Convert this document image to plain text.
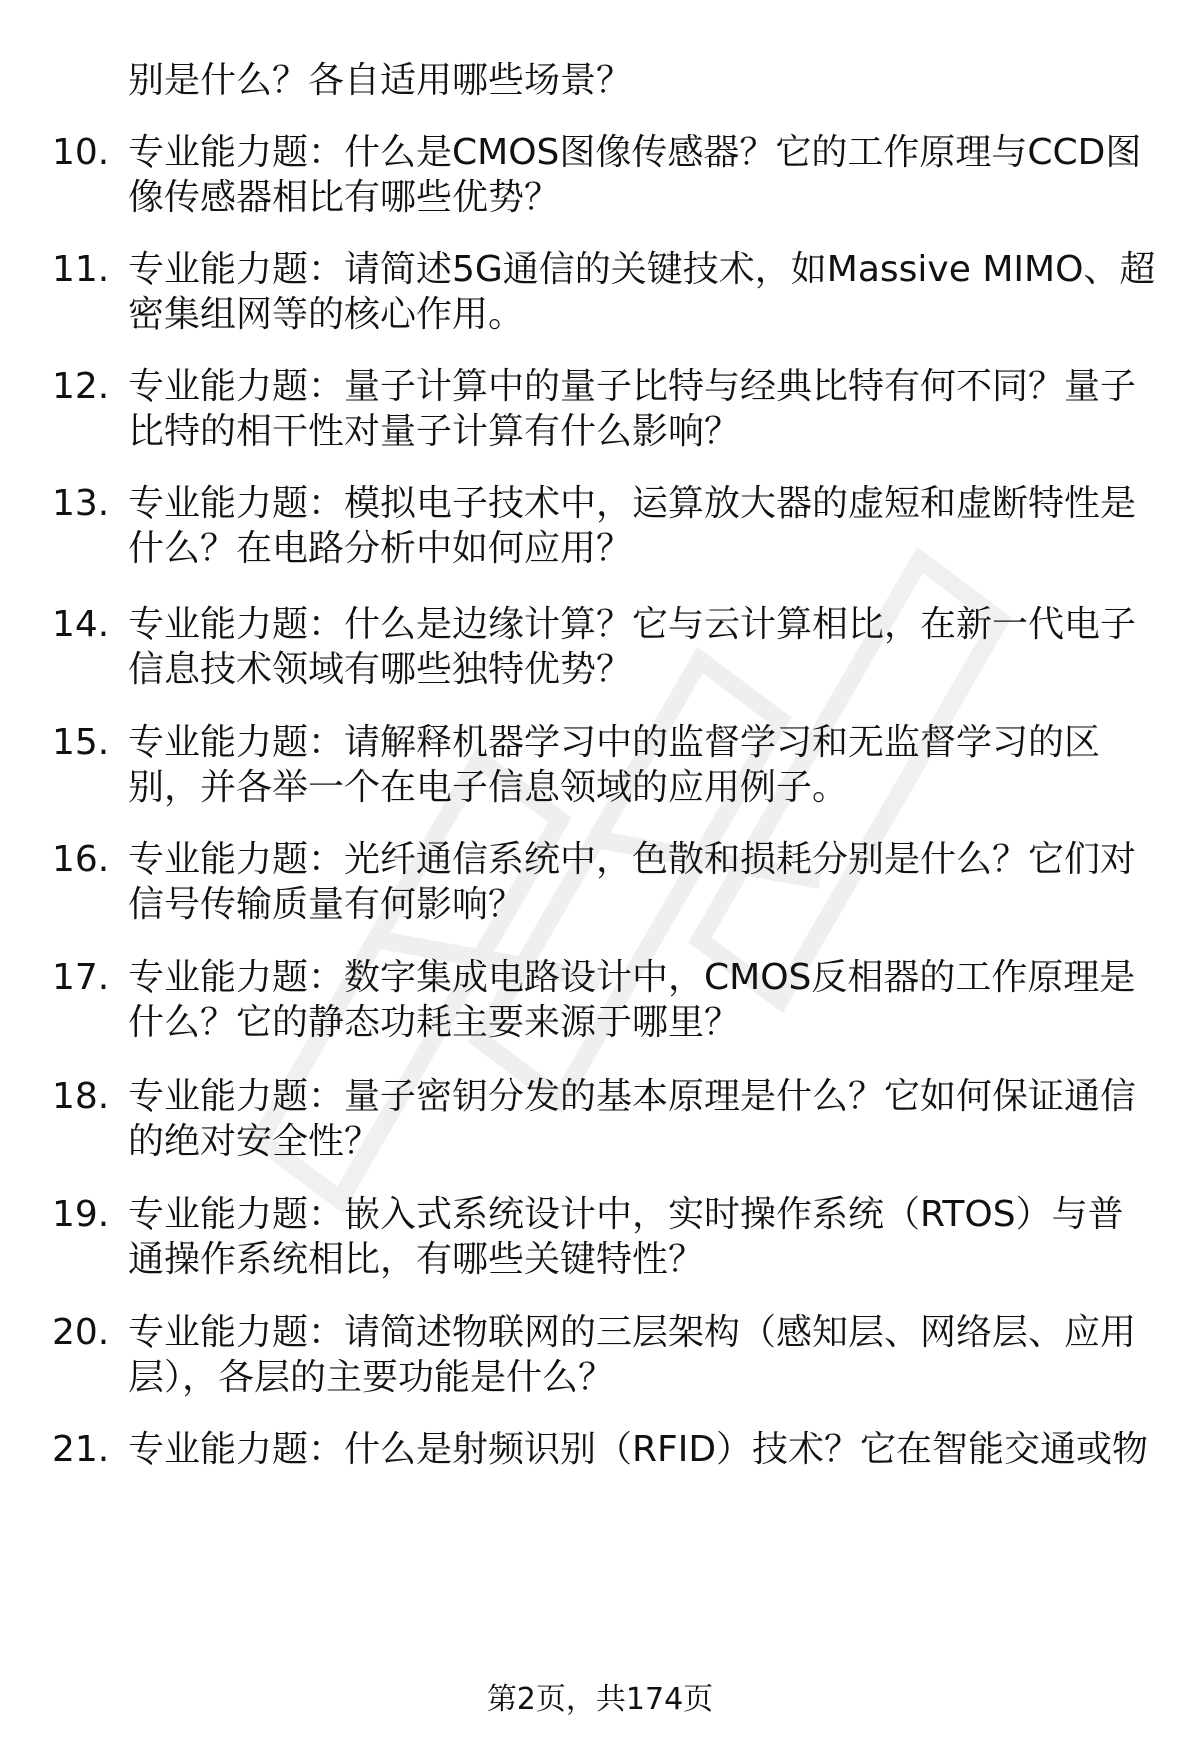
别是什么？各自适用哪些场景？
10. 专业能力题：什么是CMOS图像传感器？它的工作原理与CCD图
像传感器相比有哪些优势？
11. 专业能力题：请简述5G通信的关键技术，如Massive MIMO、超
密集组网等的核心作用。
12. 专业能力题：量子计算中的量子比特与经典比特有何不同？量子
比特的相干性对量子计算有什么影响？
13. 专业能力题：模拟电子技术中，运算放大器的虚短和虚断特性是
什么？在电路分析中如何应用？
14. 专业能力题：什么是边缘计算？它与云计算相比，在新一代电子
信息技术领域有哪些独特优势？
15. 专业能力题：请解释机器学习中的监督学习和无监督学习的区
别，并各举一个在电子信息领域的应用例子。
16. 专业能力题：光纤通信系统中，色散和损耗分别是什么？它们对
信号传输质量有何影响？
17. 专业能力题：数字集成电路设计中，CMOS反相器的工作原理是
什么？它的静态功耗主要来源于哪里？
18. 专业能力题：量子密钥分发的基本原理是什么？它如何保证通信
的绝对安全性？
19. 专业能力题：嵌入式系统设计中，实时操作系统（RTOS）与普
通操作系统相比，有哪些关键特性？
20. 专业能力题：请简述物联网的三层架构（感知层、网络层、应用
层），各层的主要功能是什么？
21. 专业能力题：什么是射频识别（RFID）技术？它在智能交通或物
第2页，共174页
